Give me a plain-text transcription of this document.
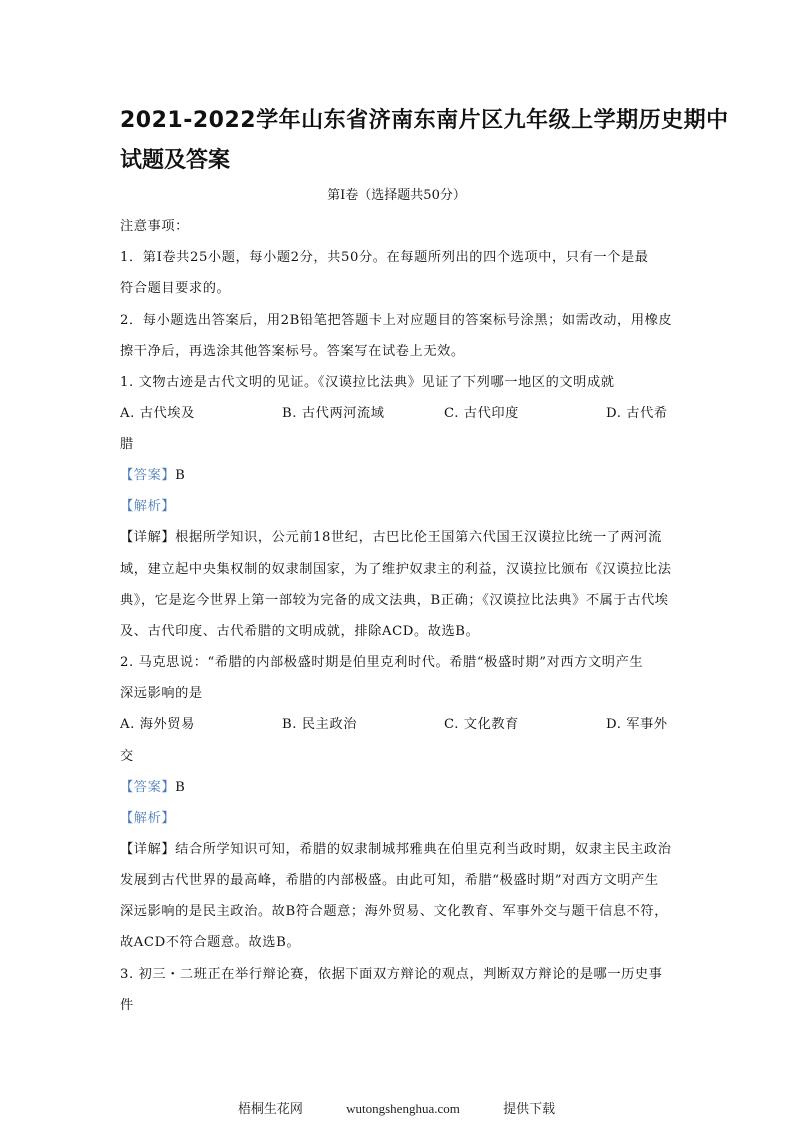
2021-2022学年山东省济南东南片区九年级上学期历史期中
试题及答案
第Ⅰ卷（选择题共50分）
注意事项：
1．第Ⅰ卷共25小题，每小题2分，共50分。在每题所列出的四个选项中，只有一个是最
符合题目要求的。
2．每小题选出答案后，用2B铅笔把答题卡上对应题目的答案标号涂黑；如需改动，用橡皮
擦干净后，再选涂其他答案标号。答案写在试卷上无效。
1. 文物古迹是古代文明的见证。《汉谟拉比法典》见证了下列哪一地区的文明成就
A. 古代埃及	B. 古代两河流域	C. 古代印度	D. 古代希
腊
【答案】B
【解析】
【详解】根据所学知识，公元前18世纪，古巴比伦王国第六代国王汉谟拉比统一了两河流
域，建立起中央集权制的奴隶制国家，为了维护奴隶主的利益，汉谟拉比颁布《汉谟拉比法
典》，它是迄今世界上第一部较为完备的成文法典，B正确；《汉谟拉比法典》不属于古代埃
及、古代印度、古代希腊的文明成就，排除ACD。故选B。
2. 马克思说：“希腊的内部极盛时期是伯里克利时代。希腊“极盛时期”对西方文明产生
深远影响的是
A. 海外贸易	B. 民主政治	C. 文化教育	D. 军事外
交
【答案】B
【解析】
【详解】结合所学知识可知，希腊的奴隶制城邦雅典在伯里克利当政时期，奴隶主民主政治
发展到古代世界的最高峰，希腊的内部极盛。由此可知，希腊“极盛时期”对西方文明产生
深远影响的是民主政治。故B符合题意；海外贸易、文化教育、军事外交与题干信息不符，
故ACD不符合题意。故选B。
3. 初三・二班正在举行辩论赛，依据下面双方辩论的观点，判断双方辩论的是哪一历史事
件
梧桐生花网	wutongshenghua.com	提供下载
